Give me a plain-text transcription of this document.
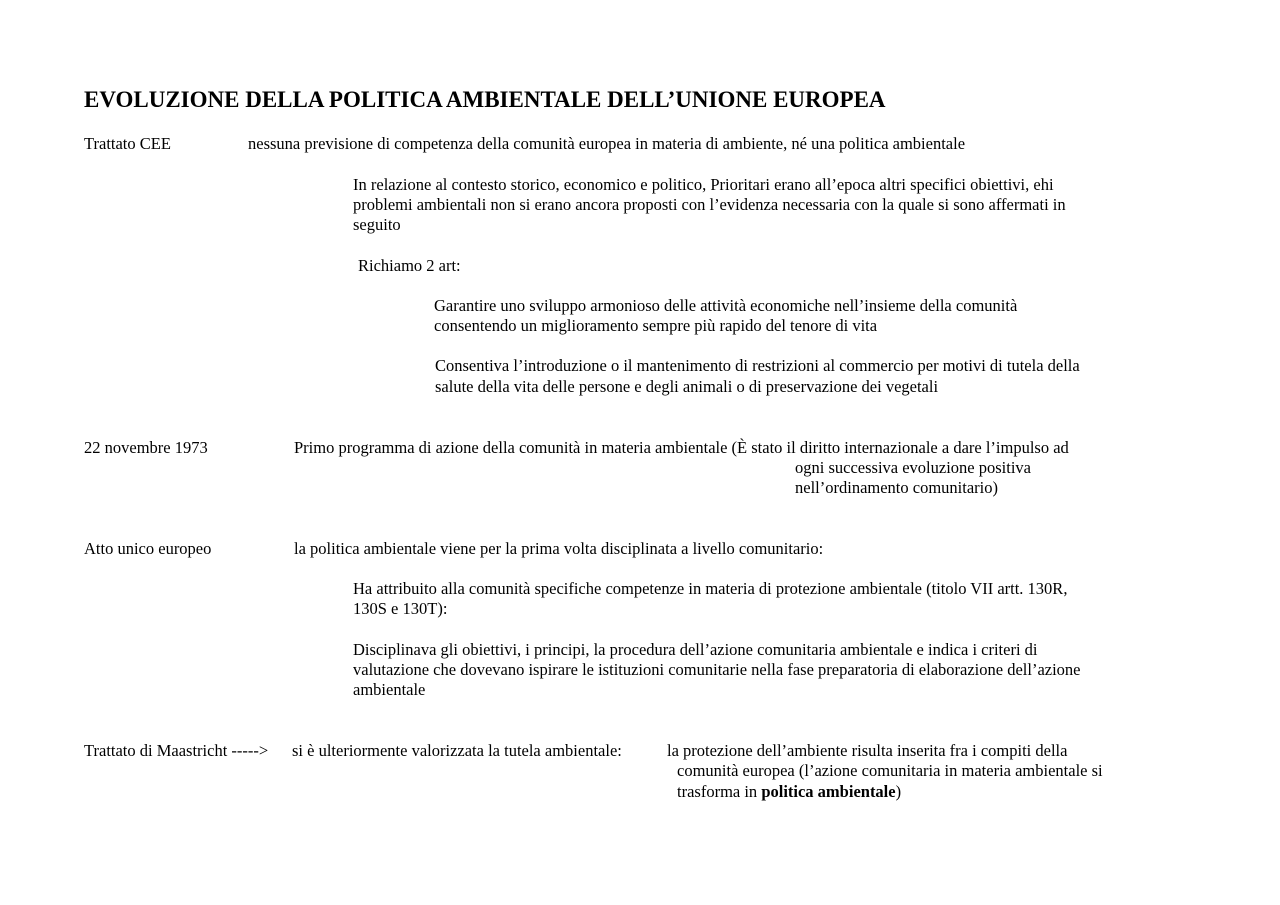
EVOLUZIONE DELLA POLITICA AMBIENTALE DELL’UNIONE EUROPEA
Trattato CEE	nessuna previsione di competenza della comunità europea in materia di ambiente, né una politica ambientale
In relazione al contesto storico, economico e politico, Prioritari erano all’epoca altri specifici obiettivi, ehi
problemi ambientali non si erano ancora proposti con l’evidenza necessaria con la quale si sono affermati in
seguito
Richiamo 2 art:
Garantire uno sviluppo armonioso delle attività economiche nell’insieme della comunità
consentendo un miglioramento sempre più rapido del tenore di vita
Consentiva l’introduzione o il mantenimento di restrizioni al commercio per motivi di tutela della
salute della vita delle persone e degli animali o di preservazione dei vegetali
22 novembre 1973	Primo programma di azione della comunità in materia ambientale (È stato il diritto internazionale a dare l’impulso ad
ogni successiva evoluzione positiva
nell’ordinamento comunitario)
Atto unico europeo	la politica ambientale viene per la prima volta disciplinata a livello comunitario:
Ha attribuito alla comunità specifiche competenze in materia di protezione ambientale (titolo VII artt. 130R,
130S e 130T):
Disciplinava gli obiettivi, i principi, la procedura dell’azione comunitaria ambientale e indica i criteri di
valutazione che dovevano ispirare le istituzioni comunitarie nella fase preparatoria di elaborazione dell’azione
ambientale
Trattato di Maastricht -----> si è ulteriormente valorizzata la tutela ambientale:	la protezione dell’ambiente risulta inserita fra i compiti della
comunità europea (l’azione comunitaria in materia ambientale si
trasforma in politica ambientale)
